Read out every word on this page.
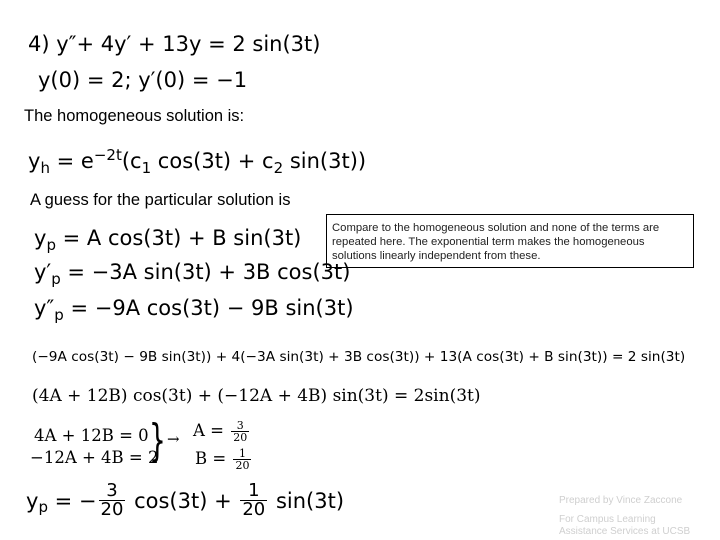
4) y″+ 4y′ + 13y = 2 sin(3t)
y(0) = 2; y′(0) = −1
The homogeneous solution is:
$y_h = e^{-2t}(c_1$ $\cos(3t) + c_2$ sin(3t))
A guess for the particular solution is
$y_p = A$ cos(3t) + B sin(3t)
$y'_p = -3A$ sin(3t) + 3B cos(3t)
$y''_p = -9A$ cos(3t) − 9B sin(3t)
Compare to the homogeneous solution and none of the terms are repeated here. The exponential term makes the homogeneous solutions linearly independent from these.
(−9A cos(3t) − 9B sin(3t)) + 4(−3A sin(3t) + 3B cos(3t)) + 13(A cos(3t) + B sin(3t)) = 2 sin(3t)
(4A + 12B) cos(3t) + (−12A + 4B) sin(3t) = 2sin(3t)
4A + 12B = 0
−12A + 4B = 2
} → $A = \frac{3}{20}$
$B = \frac{1}{20}$
$y_p$ = − $\frac{3}{20} \cos(3t) + \frac{1}{20} \sin(3t)$	Prepared by Vince Zaccone
For Campus Learning
Assistance Services at UCSB
